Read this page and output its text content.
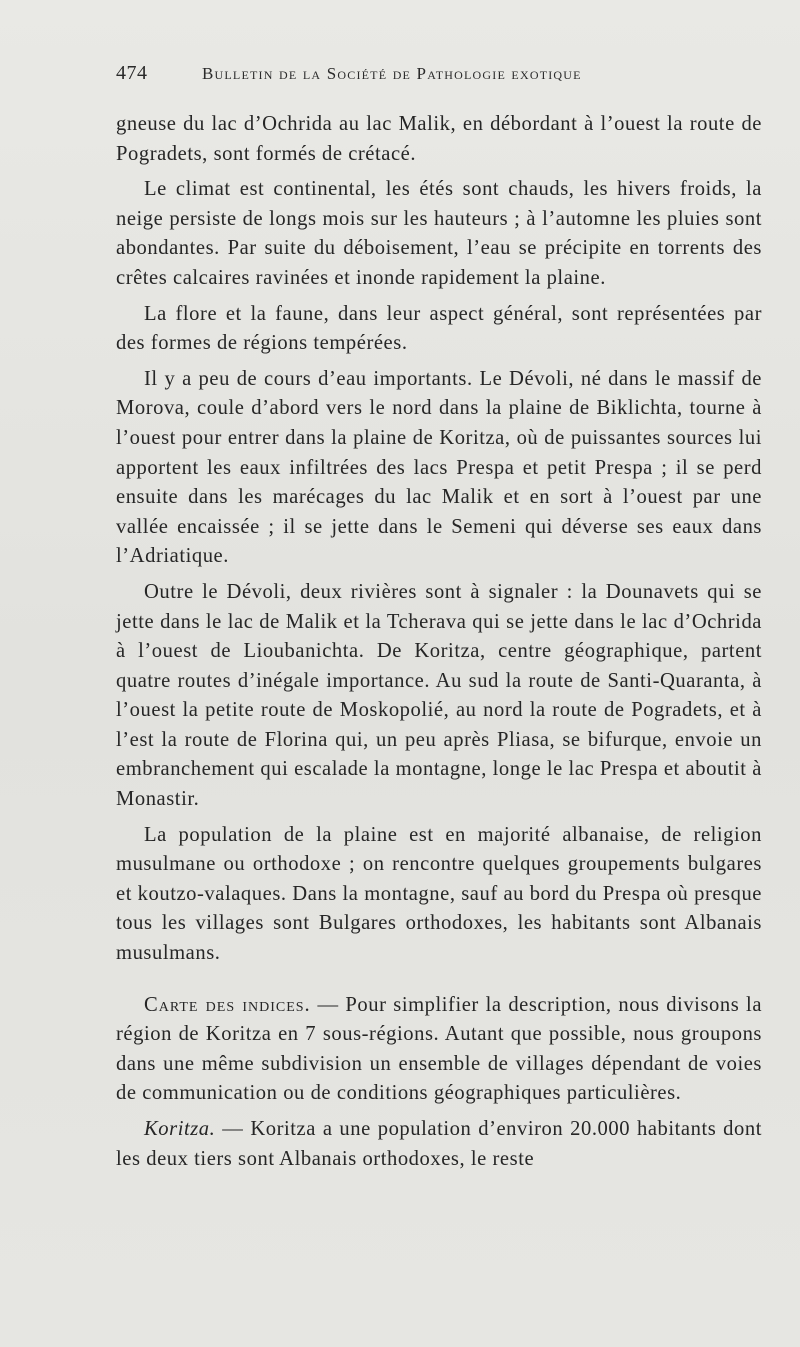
474	Bulletin de la Société de Pathologie exotique

gneuse du lac d’Ochrida au lac Malik, en débordant à l’ouest la route de Pogradets, sont formés de crétacé.

Le climat est continental, les étés sont chauds, les hivers froids, la neige persiste de longs mois sur les hauteurs ; à l’automne les pluies sont abondantes. Par suite du déboisement, l’eau se précipite en torrents des crêtes calcaires ravinées et inonde rapidement la plaine.

La flore et la faune, dans leur aspect général, sont représentées par des formes de régions tempérées.

Il y a peu de cours d’eau importants. Le Dévoli, né dans le massif de Morova, coule d’abord vers le nord dans la plaine de Biklichta, tourne à l’ouest pour entrer dans la plaine de Koritza, où de puissantes sources lui apportent les eaux infiltrées des lacs Prespa et petit Prespa ; il se perd ensuite dans les marécages du lac Malik et en sort à l’ouest par une vallée encaissée ; il se jette dans le Semeni qui déverse ses eaux dans l’Adriatique.

Outre le Dévoli, deux rivières sont à signaler : la Dounavets qui se jette dans le lac de Malik et la Tcherava qui se jette dans le lac d’Ochrida à l’ouest de Lioubanichta. De Koritza, centre géographique, partent quatre routes d’inégale importance. Au sud la route de Santi-Quaranta, à l’ouest la petite route de Moskopolié, au nord la route de Pogradets, et à l’est la route de Florina qui, un peu après Pliasa, se bifurque, envoie un embranchement qui escalade la montagne, longe le lac Prespa et aboutit à Monastir.

La population de la plaine est en majorité albanaise, de religion musulmane ou orthodoxe ; on rencontre quelques groupements bulgares et koutzo-valaques. Dans la montagne, sauf au bord du Prespa où presque tous les villages sont Bulgares orthodoxes, les habitants sont Albanais musulmans.

Carte des indices. — Pour simplifier la description, nous divisons la région de Koritza en 7 sous-régions. Autant que possible, nous groupons dans une même subdivision un ensemble de villages dépendant de voies de communication ou de conditions géographiques particulières.

Koritza. — Koritza a une population d’environ 20.000 habitants dont les deux tiers sont Albanais orthodoxes, le reste
